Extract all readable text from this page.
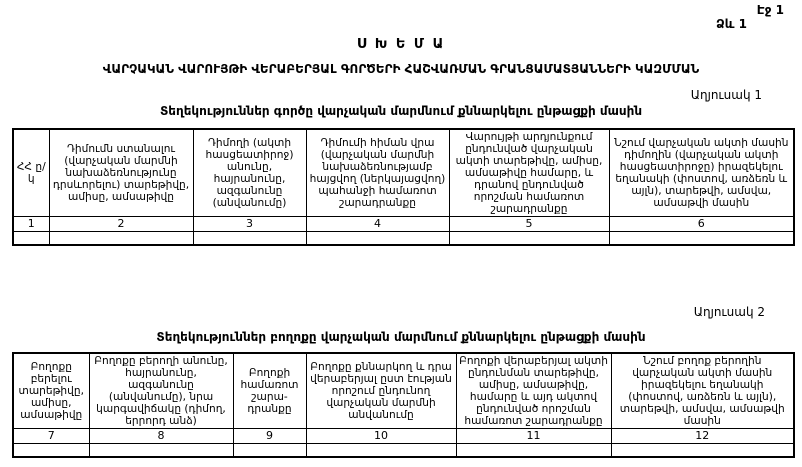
Էջ 1
Ձև 1
Ս Խ Ե Մ Ա
ՎԱՐՉԱԿԱՆ ՎԱՐՈՒՅԹԻ ՎԵՐԱԲԵՐՅԱԼ ԳՈՐԾԵՐԻ ՀԱՇՎԱՌՄԱՆ ԳՐԱՆՑԱՄԱՏՅԱՆՆԵՐԻ ԿԱԶՄՄԱՆ
Աղյուսակ 1
Տեղեկություններ գործը վարչական մարմնում քննարկելու ընթացքի մասին
ՀՀ ը/կ	Դիմումն ստանալու (վարչական մարմնի նախաձեռնությունը դրսևորելու) տարեթիվը, ամիսը, ամսաթիվը	Դիմողի (ակտի հասցեատիրոջ) անունը, հայրանունը, ազգանունը (անվանումը)	Դիմումի հիման վրա (վարչական մարմնի նախաձեռնությամբ հայցվող (ներկայացվող) պահանջի համառոտ շարադրանքը	Վարույթի արդյունքում ընդունված վարչական ակտի տարեթիվը, ամիսը, ամսաթիվը համարը, և դրանով ընդունված որոշման համառոտ շարադրանքը	Նշում վարչական ակտի մասին դիմողին (վարչական ակտի հասցեատիրոջը) իրազեկելու եղանակի (փոստով, առձեռն և այլն), տարեթվի, ամսվա, ամսաթվի մասին
1	2	3	4	5	6

Աղյուսակ 2
Տեղեկություններ բողոքը վարչական մարմնում քննարկելու ընթացքի մասին
Բողոքը բերելու տարեթիվը, ամիսը, ամսաթիվը	Բողոքը բերողի անունը, հայրանունը, ազգանունը (անվանումը), նրա կարգավիճակը (դիմող, երրորդ անձ)	Բողոքի համառոտ շարա- դրանքը	Բողոքը քննարկող և դրա վերաբերյալ ըստ էության որոշում ընդունող վարչական մարմնի անվանումը	Բողոքի վերաբերյալ ակտի ընդունման տարեթիվը, ամիսը, ամսաթիվը, համարը և այդ ակտով ընդունված որոշման համառոտ շարադրանքը	Նշում բողոք բերողին վարչական ակտի մասին իրազեկելու եղանակի (փոստով, առձեռն և այլն), տարեթվի, ամսվա, ամսաթվի մասին
7	8	9	10	11	12
